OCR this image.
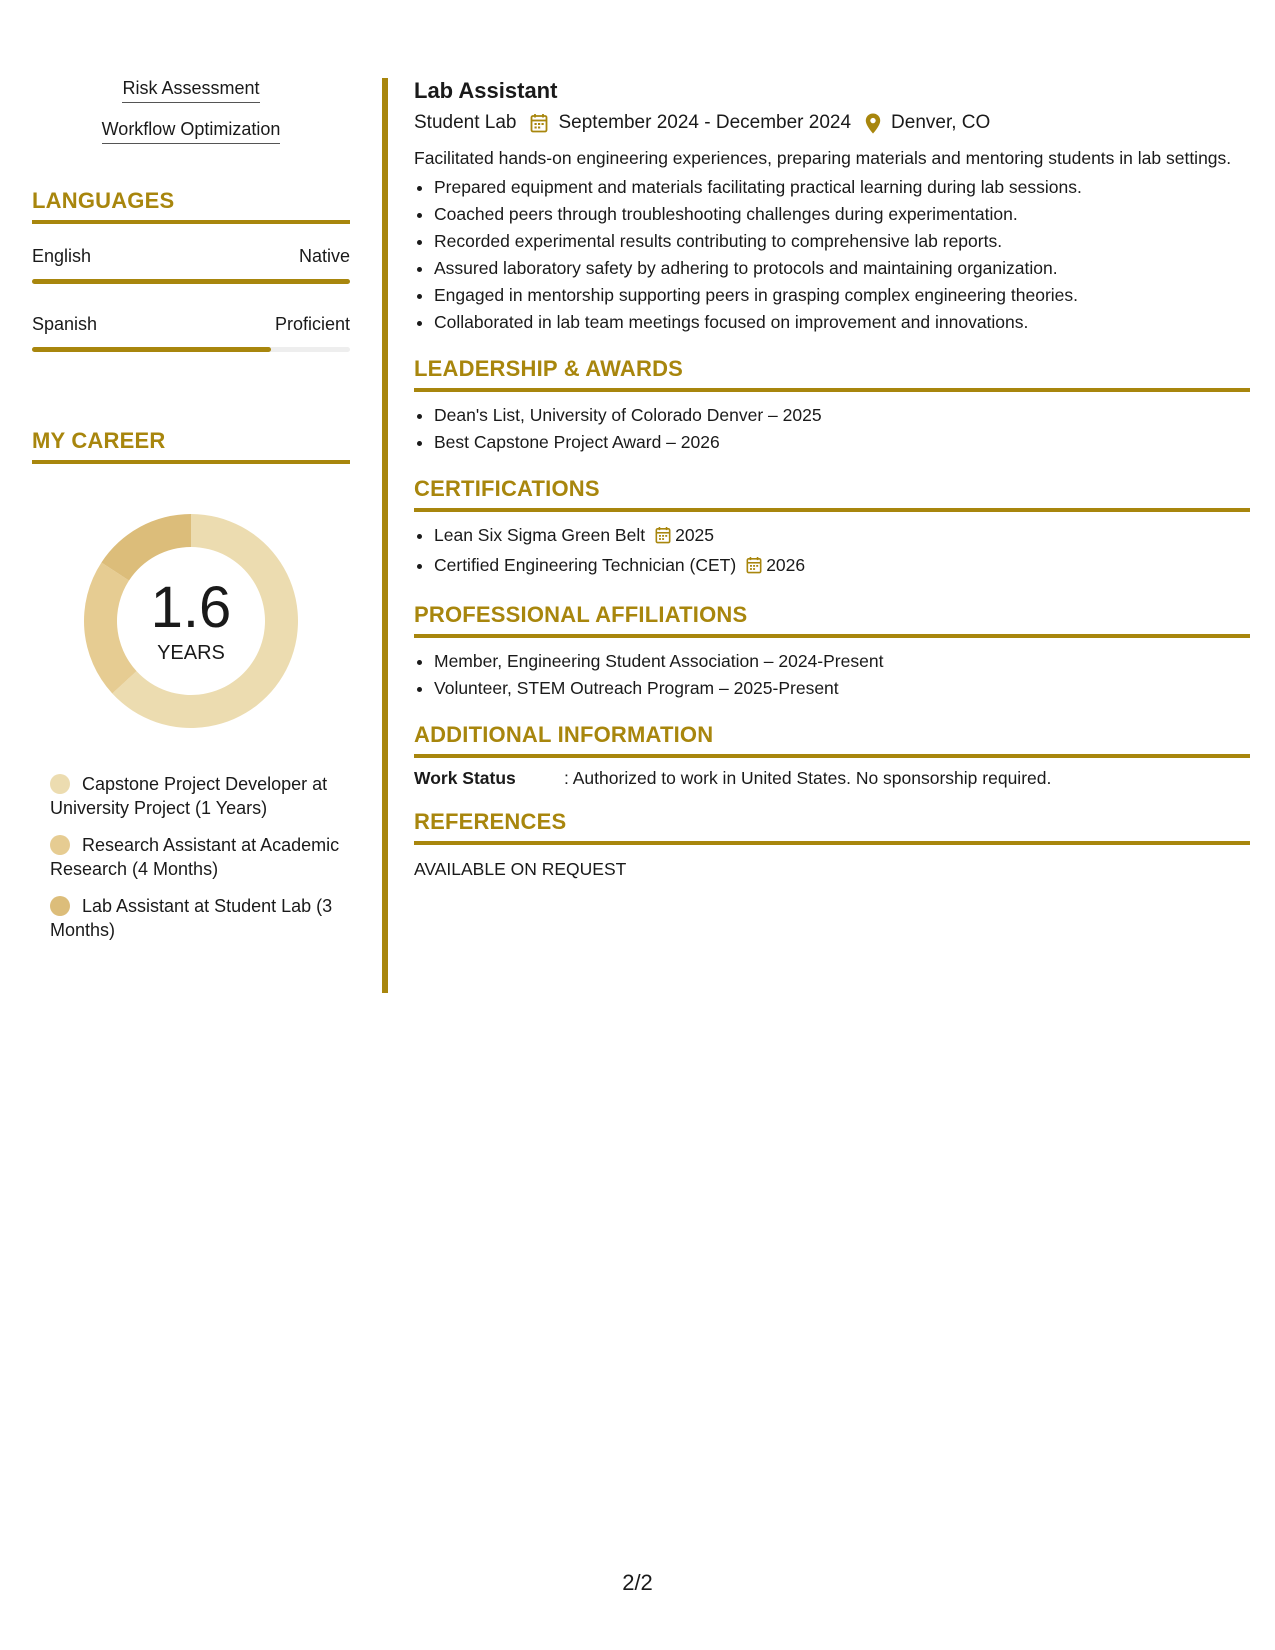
Risk Assessment
Workflow Optimization
LANGUAGES
English	Native
Spanish	Proficient
MY CAREER
1.6
YEARS
Capstone Project Developer at University Project (1 Years)
Research Assistant at Academic Research (4 Months)
Lab Assistant at Student Lab (3 Months)
Lab Assistant
Student Lab September 2024 - December 2024 Denver, CO
Facilitated hands-on engineering experiences, preparing materials and mentoring students in lab settings.
• Prepared equipment and materials facilitating practical learning during lab sessions.
• Coached peers through troubleshooting challenges during experimentation.
• Recorded experimental results contributing to comprehensive lab reports.
• Assured laboratory safety by adhering to protocols and maintaining organization.
• Engaged in mentorship supporting peers in grasping complex engineering theories.
• Collaborated in lab team meetings focused on improvement and innovations.
LEADERSHIP & AWARDS
• Dean's List, University of Colorado Denver – 2025
• Best Capstone Project Award – 2026
CERTIFICATIONS
• Lean Six Sigma Green Belt 2025
• Certified Engineering Technician (CET) 2026
PROFESSIONAL AFFILIATIONS
• Member, Engineering Student Association – 2024-Present
• Volunteer, STEM Outreach Program – 2025-Present
ADDITIONAL INFORMATION
Work Status	: Authorized to work in United States. No sponsorship required.
REFERENCES
AVAILABLE ON REQUEST
2/2
